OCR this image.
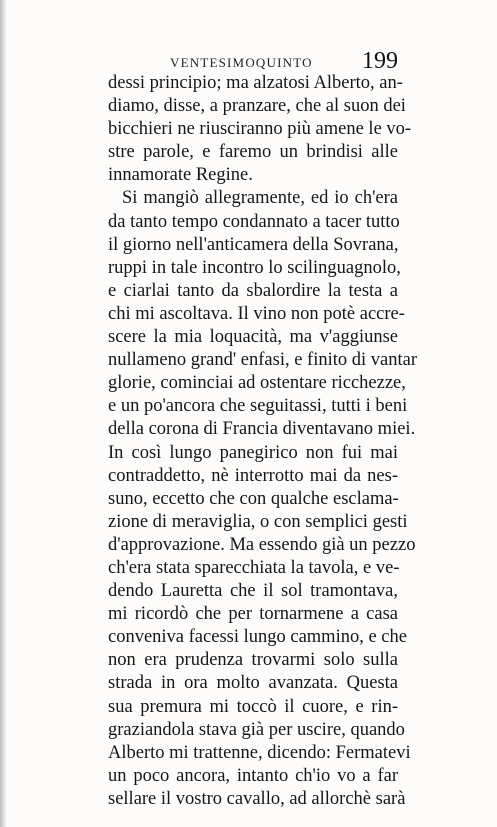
VENTESIMOQUINTO 199
dessi principio; ma alzatosi Alberto, an-
diamo, disse, a pranzare, che al suon dei
bicchieri ne riusciranno più amene le vo-
stre parole, e faremo un brindisi alle
innamorate Regine.
Si mangiò allegramente, ed io ch'era
da tanto tempo condannato a tacer tutto
il giorno nell'anticamera della Sovrana,
ruppi in tale incontro lo scilinguagnolo,
e ciarlai tanto da sbalordire la testa a
chi mi ascoltava. Il vino non potè accre-
scere la mia loquacità, ma v'aggiunse
nullameno grand' enfasi, e finito di vantar
glorie, cominciai ad ostentare ricchezze,
e un po'ancora che seguitassi, tutti i beni
della corona di Francia diventavano miei.
In così lungo panegirico non fui mai
contraddetto, nè interrotto mai da nes-
suno, eccetto che con qualche esclama-
zione di meraviglia, o con semplici gesti
d'approvazione. Ma essendo già un pezzo
ch'era stata sparecchiata la tavola, e ve-
dendo Lauretta che il sol tramontava,
mi ricordò che per tornarmene a casa
conveniva facessi lungo cammino, e che
non era prudenza trovarmi solo sulla
strada in ora molto avanzata. Questa
sua premura mi toccò il cuore, e rin-
graziandola stava già per uscire, quando
Alberto mi trattenne, dicendo: Fermatevi
un poco ancora, intanto ch'io vo a far
sellare il vostro cavallo, ad allorchè sarà
